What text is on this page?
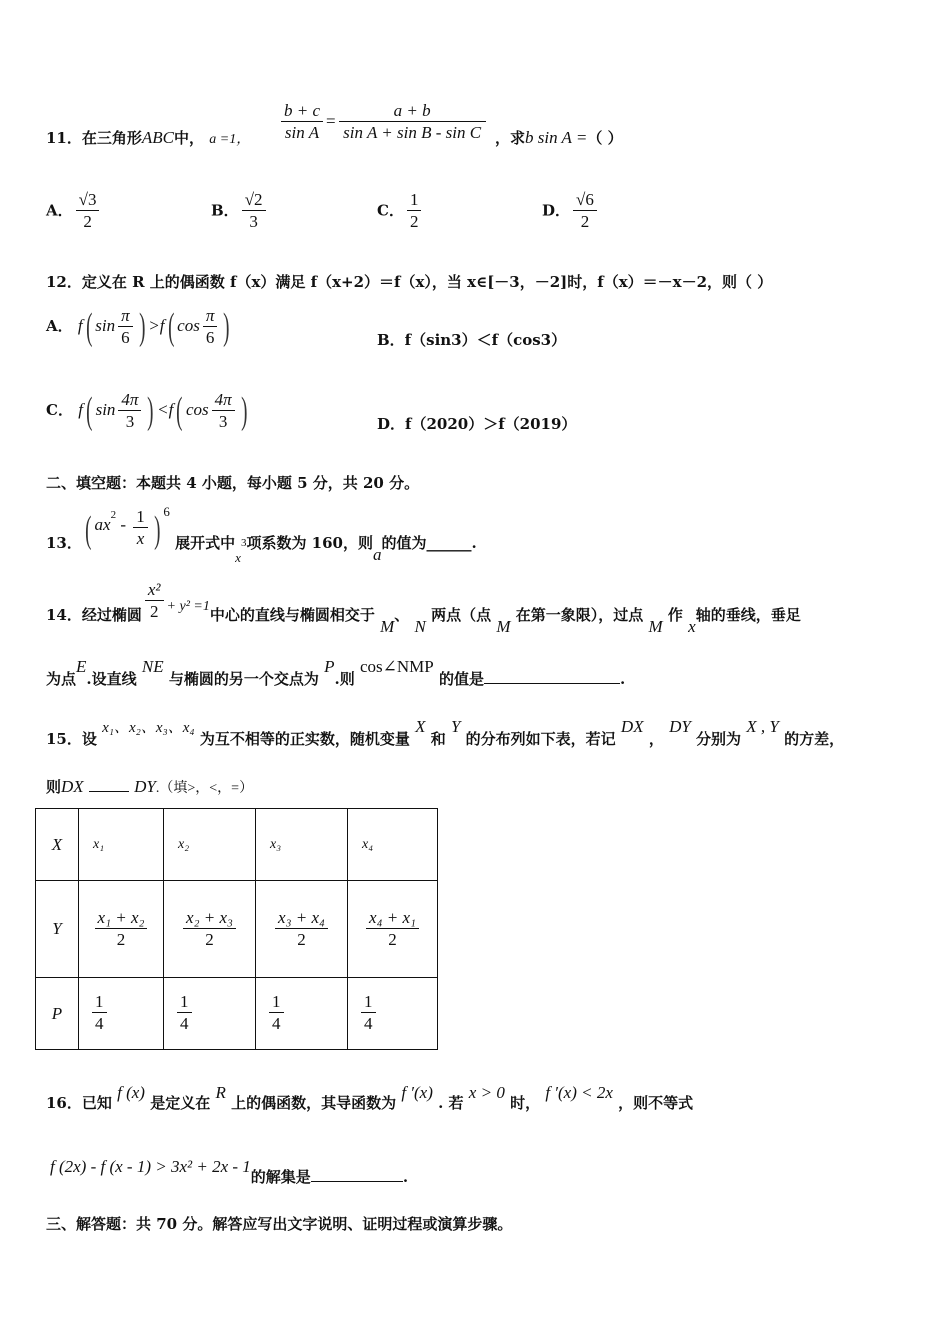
11．在三角形ABC中， a =1， $\frac{b + c}{\text{sin A}} = \frac{a + b}{\text{sin A + sin B - sin C}}$ ，求b sin A =（ ）
A． $\frac{√3}{2}$	B． $\frac{√2}{3}$	C． $\frac{1}{2}$	D． $\frac{√6}{2}$
12．定义在 R 上的偶函数 f（x）满足 f（x+2）＝f（x），当 x∈[－3，－2]时，f（x）＝－x－2，则（ ）
A． f( $\sin \frac{\pi}{6}$ ) >f( $\cos \frac{\pi}{6}$ )	B．f（sin3）＜f（cos3）
C． f( $\sin \frac{4\pi}{3}$ ) <f( $\cos \frac{4\pi}{3}$ )	D．f（2020）＞f（2019）
二、填空题：本题共 4 小题，每小题 5 分，共 20 分。
13．( $ax^2 - \frac{1}{x}$ ) $^6$ 展开式中$x^3$项系数为 160，则a的值为______.
14．经过椭圆 $\frac{\text{x²}}{2} + y^2 =1$中心的直线与椭圆相交于 M、 N 两点（点 M 在第一象限），过点 M 作 x轴的垂线，垂足
为点E.设直线 NE 与椭圆的另一个交点为 P.则 cos∠NMP 的值是	.
15．设 x₁、x₂、x₃、x₄ 为互不相等的正实数，随机变量 X 和 Y 的分布列如下表，若记 DX ， DY 分别为 X , Y 的方差，
则DX	DY.（填>，<，=）
X	x₁	x₂	x₃	x₄
Y	$\frac{\text{x₁ + x₂}}{2}$	$\frac{\text{x₂ + x₃}}{2}$	$\frac{\text{x₃ + x₄}}{2}$	$\frac{\text{x₄ + x₁}}{2}$

P	$\frac{1}{4}$	$\frac{1}{4}$	$\frac{1}{4}$	$\frac{1}{4}$
16．已知 f (x) 是定义在 R 上的偶函数，其导函数为 f ′(x) . 若 x > 0 时， f ′(x) < 2x ，则不等式
f (2x) - f (x - 1) > 3x² + 2x - 1的解集是	.
三、解答题：共 70 分。解答应写出文字说明、证明过程或演算步骤。
